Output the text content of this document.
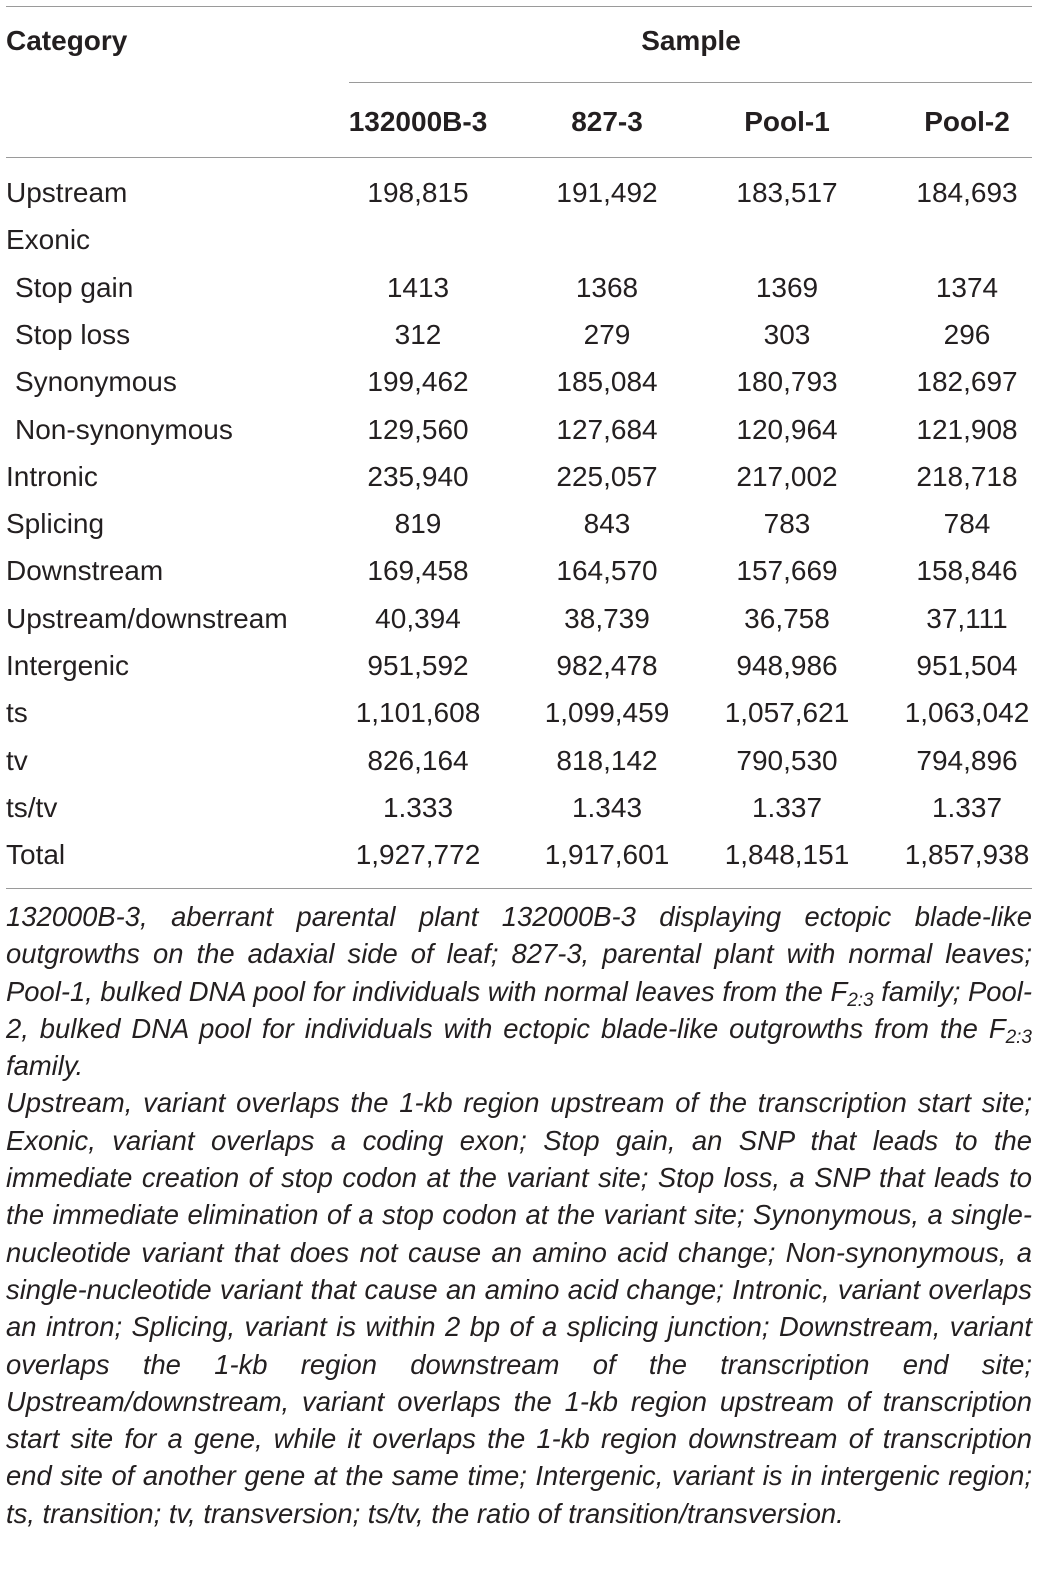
Category	Sample
132000B-3	827-3	Pool-1	Pool-2
Upstream	198,815	191,492	183,517	184,693
Exonic
Stop gain	1413	1368	1369	1374
Stop loss	312	279	303	296
Synonymous	199,462	185,084	180,793	182,697
Non-synonymous	129,560	127,684	120,964	121,908
Intronic	235,940	225,057	217,002	218,718
Splicing	819	843	783	784
Downstream	169,458	164,570	157,669	158,846
Upstream/downstream	40,394	38,739	36,758	37,111
Intergenic	951,592	982,478	948,986	951,504
ts	1,101,608	1,099,459	1,057,621	1,063,042
tv	826,164	818,142	790,530	794,896
ts/tv	1.333	1.343	1.337	1.337
Total	1,927,772	1,917,601	1,848,151	1,857,938

132000B-3, aberrant parental plant 132000B-3 displaying ectopic blade-like outgrowths on the adaxial side of leaf; 827-3, parental plant with normal leaves; Pool-1, bulked DNA pool for individuals with normal leaves from the $F_{2:3}$ family; Pool-2, bulked DNA pool for individuals with ectopic blade-like outgrowths from the $F_{2:3}$ family.

Upstream, variant overlaps the 1-kb region upstream of the transcription start site; Exonic, variant overlaps a coding exon; Stop gain, an SNP that leads to the immediate creation of stop codon at the variant site; Stop loss, a SNP that leads to the immediate elimination of a stop codon at the variant site; Synonymous, a single-nucleotide variant that does not cause an amino acid change; Non-synonymous, a single-nucleotide variant that cause an amino acid change; Intronic, variant overlaps an intron; Splicing, variant is within 2 bp of a splicing junction; Downstream, variant overlaps the 1-kb region downstream of the transcription end site; Upstream/downstream, variant overlaps the 1-kb region upstream of transcription start site for a gene, while it overlaps the 1-kb region downstream of transcription end site of another gene at the same time; Intergenic, variant is in intergenic region; ts, transition; tv, transversion; ts/tv, the ratio of transition/transversion.
